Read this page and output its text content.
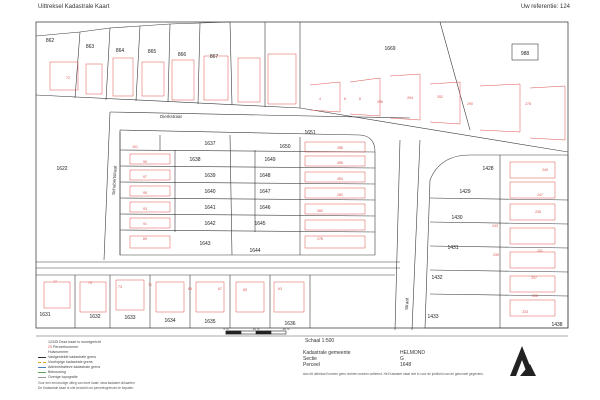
Uittreksel Kadastrale Kaart	Uw referentie: 124
862
863
864	865	866	867
1669
988
1651
1622
1637
1638
1639
1640
1641
1642
1643
1644
1645
1646
1647
1648
1649
1650
1428
1429
1430
1431
1432
1433
1438
1631	1632	1633	1634	1635	1636
72
4	6	8
296
294	292
290	278
101
99
97
95
93
91
89
288
286
284
282
280
278
249
247
245
243
241
239
237
235
233
77	75
73	71
69	67	65	63
Dierkstraat
Schubertstraat
Straat
0 m	10 m	20 m
Schaal 1:500
12345 Deze kaart is noordgericht
25 Perceelnummer
Huisnummer
Vastgestelde kadastrale grens
Voorlopige kadastrale grens
Administratieve kadastrale grens
Bebouwing
Overige topografie
Voor een eenvoudige uitleg van deze kaart: www.kadaster.nl/kaarten
De Kadastrale kaart is niet bedoeld om perceelsgrenzen te bepalen.
Kadastrale gemeente	HELMOND
Sectie	G
Perceel	1648
Aan dit uittreksel kunnen geen rechten worden ontleend. Het Kadaster staat niet in voor de juistheid van de getoonde gegevens.
